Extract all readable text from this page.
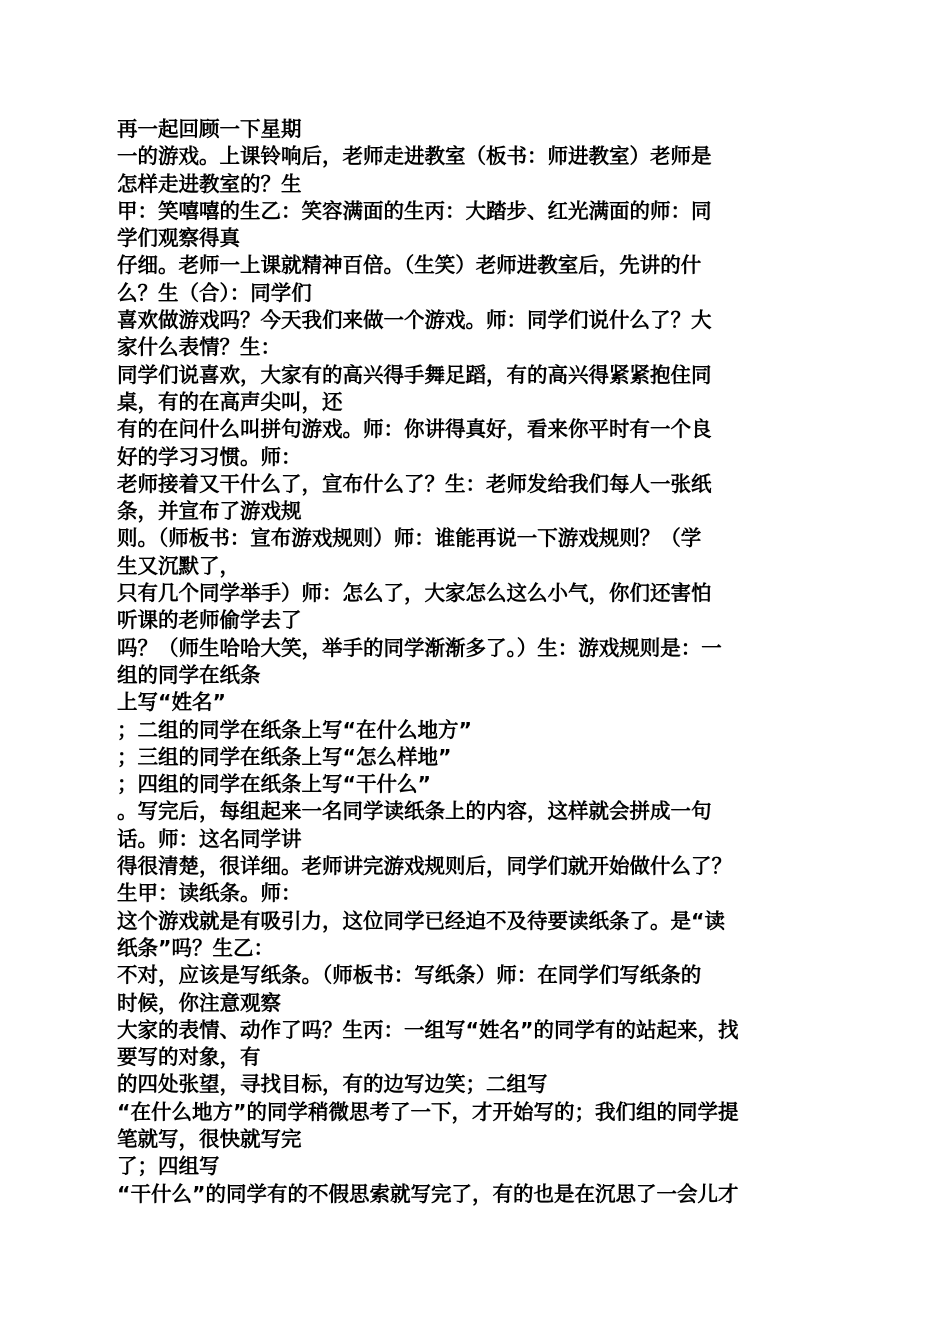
再一起回顾一下星期
一的游戏。上课铃响后，老师走进教室（板书：师进教室）老师是
怎样走进教室的？生
甲：笑嘻嘻的生乙：笑容满面的生丙：大踏步、红光满面的师：同
学们观察得真
仔细。老师一上课就精神百倍。（生笑）老师进教室后，先讲的什
么？生（合）：同学们
喜欢做游戏吗？今天我们来做一个游戏。师：同学们说什么了？大
家什么表情？生：
同学们说喜欢，大家有的高兴得手舞足蹈，有的高兴得紧紧抱住同
桌，有的在高声尖叫，还
有的在问什么叫拼句游戏。师：你讲得真好，看来你平时有一个良
好的学习习惯。师：
老师接着又干什么了，宣布什么了？生：老师发给我们每人一张纸
条，并宣布了游戏规
则。（师板书：宣布游戏规则）师：谁能再说一下游戏规则？（学
生又沉默了，
只有几个同学举手）师：怎么了，大家怎么这么小气，你们还害怕
听课的老师偷学去了
吗？（师生哈哈大笑，举手的同学渐渐多了。）生：游戏规则是：一
组的同学在纸条
上写“姓名”
；二组的同学在纸条上写“在什么地方”
；三组的同学在纸条上写“怎么样地”
；四组的同学在纸条上写“干什么”
。写完后，每组起来一名同学读纸条上的内容，这样就会拼成一句
话。师：这名同学讲
得很清楚，很详细。老师讲完游戏规则后，同学们就开始做什么了？
生甲：读纸条。师：
这个游戏就是有吸引力，这位同学已经迫不及待要读纸条了。是“读
纸条”吗？生乙：
不对，应该是写纸条。（师板书：写纸条）师：在同学们写纸条的
时候，你注意观察
大家的表情、动作了吗？生丙：一组写“姓名”的同学有的站起来，找
要写的对象，有
的四处张望，寻找目标，有的边写边笑；二组写
“在什么地方”的同学稍微思考了一下，才开始写的；我们组的同学提
笔就写，很快就写完
了；四组写
“干什么”的同学有的不假思索就写完了，有的也是在沉思了一会儿才
